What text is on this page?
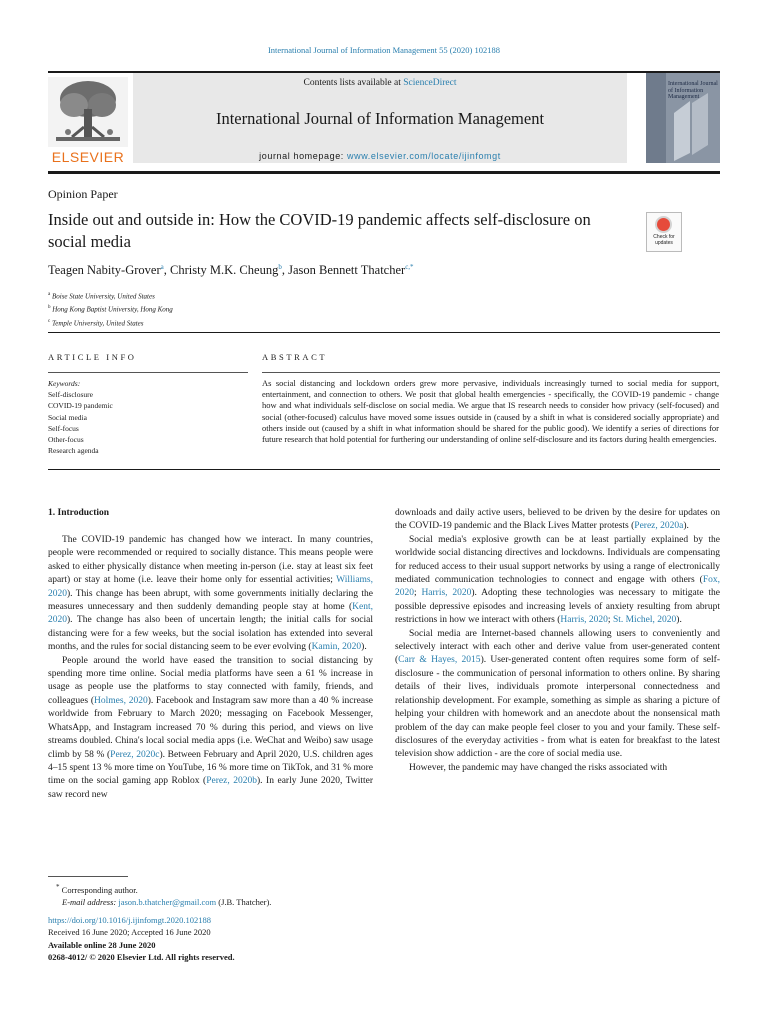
International Journal of Information Management 55 (2020) 102188
ELSEVIER
Contents lists available at ScienceDirect
International Journal of Information Management
journal homepage: www.elsevier.com/locate/ijinfomgt
International Journal of Information Management
Opinion Paper
Inside out and outside in: How the COVID-19 pandemic affects self-disclosure on social media	Check for updates
Teagen Nabity-Grover$^a$, Christy M.K. Cheung$^b$, Jason Bennett Thatcher$^{c,*}$
$^a$ Boise State University, United States
$^b$ Hong Kong Baptist University, Hong Kong
$^c$ Temple University, United States
ARTICLE INFO	ABSTRACT
Keywords:
Self-disclosure
COVID-19 pandemic
Social media
Self-focus
Other-focus
Research agenda
As social distancing and lockdown orders grew more pervasive, individuals increasingly turned to social media for support, entertainment, and connection to others. We posit that global health emergencies - specifically, the COVID-19 pandemic - change how and what individuals self-disclose on social media. We argue that IS research needs to consider how privacy (self-focused) and social (other-focused) calculus have moved some issues outside in (caused by a shift in what is considered socially appropriate) and others inside out (caused by a shift in what information should be shared for the public good). We identify a series of directions for future research that hold potential for furthering our understanding of online self-disclosure and its factors during health emergencies.
1. Introduction

The COVID-19 pandemic has changed how we interact. In many countries, people were recommended or required to socially distance. This means people were asked to either physically distance when meeting in-person (i.e. stay at least six feet apart) or stay at home (i.e. leave their home only for essential activities; Williams, 2020). This change has been abrupt, with some governments initially declaring the measures unnecessary and then suddenly demanding people stay at home (Kent, 2020). The change has also been of uncertain length; the initial calls for social distancing were for a few weeks, but the social isolation has extended into several months, and the rules for social distancing seem to be ever evolving (Kamin, 2020).

People around the world have eased the transition to social distancing by spending more time online. Social media platforms have seen a 61 % increase in usage as people use the platforms to stay connected with family, friends, and colleagues (Holmes, 2020). Facebook and Instagram saw more than a 40 % increase worldwide from February to March 2020; messaging on Facebook Messenger, WhatsApp, and Instagram increased 70 % during this period, and views on live streams doubled. China's local social media apps (i.e. WeChat and Weibo) saw usage climb by 58 % (Perez, 2020c). Between February and April 2020, U.S. children ages 4–15 spent 13 % more time on YouTube, 16 % more time on TikTok, and 31 % more time on the social gaming app Roblox (Perez, 2020b). In early June 2020, Twitter saw record new

downloads and daily active users, believed to be driven by the desire for updates on the COVID-19 pandemic and the Black Lives Matter protests (Perez, 2020a).

Social media's explosive growth can be at least partially explained by the worldwide social distancing directives and lockdowns. Individuals are compensating for reduced access to their usual support networks by using a range of electronically mediated communication technologies to connect and engage with others (Fox, 2020; Harris, 2020). Adopting these technologies was necessary to mitigate the possible depressive episodes and increasing levels of anxiety resulting from abrupt restrictions in how we interact with others (Harris, 2020; St. Michel, 2020).

Social media are Internet-based channels allowing users to conveniently and selectively interact with each other and derive value from user-generated content (Carr & Hayes, 2015). User-generated content often requires some form of self-disclosure - the communication of personal information to others online. By sharing details of their lives, individuals promote interpersonal connectedness and relationship development. For example, something as simple as sharing a picture of helping your children with homework and an anecdote about the nonsensical math problem of the day can make people feel closer to you and your family. These self-disclosures of the everyday activities - from what is eaten for breakfast to the latest television show addiction - are the core of social media use.

However, the pandemic may have changed the risks associated with

* Corresponding author.
E-mail address: jason.b.thatcher@gmail.com (J.B. Thatcher).
https://doi.org/10.1016/j.ijinfomgt.2020.102188
Received 16 June 2020; Accepted 16 June 2020
Available online 28 June 2020
0268-4012/ © 2020 Elsevier Ltd. All rights reserved.
